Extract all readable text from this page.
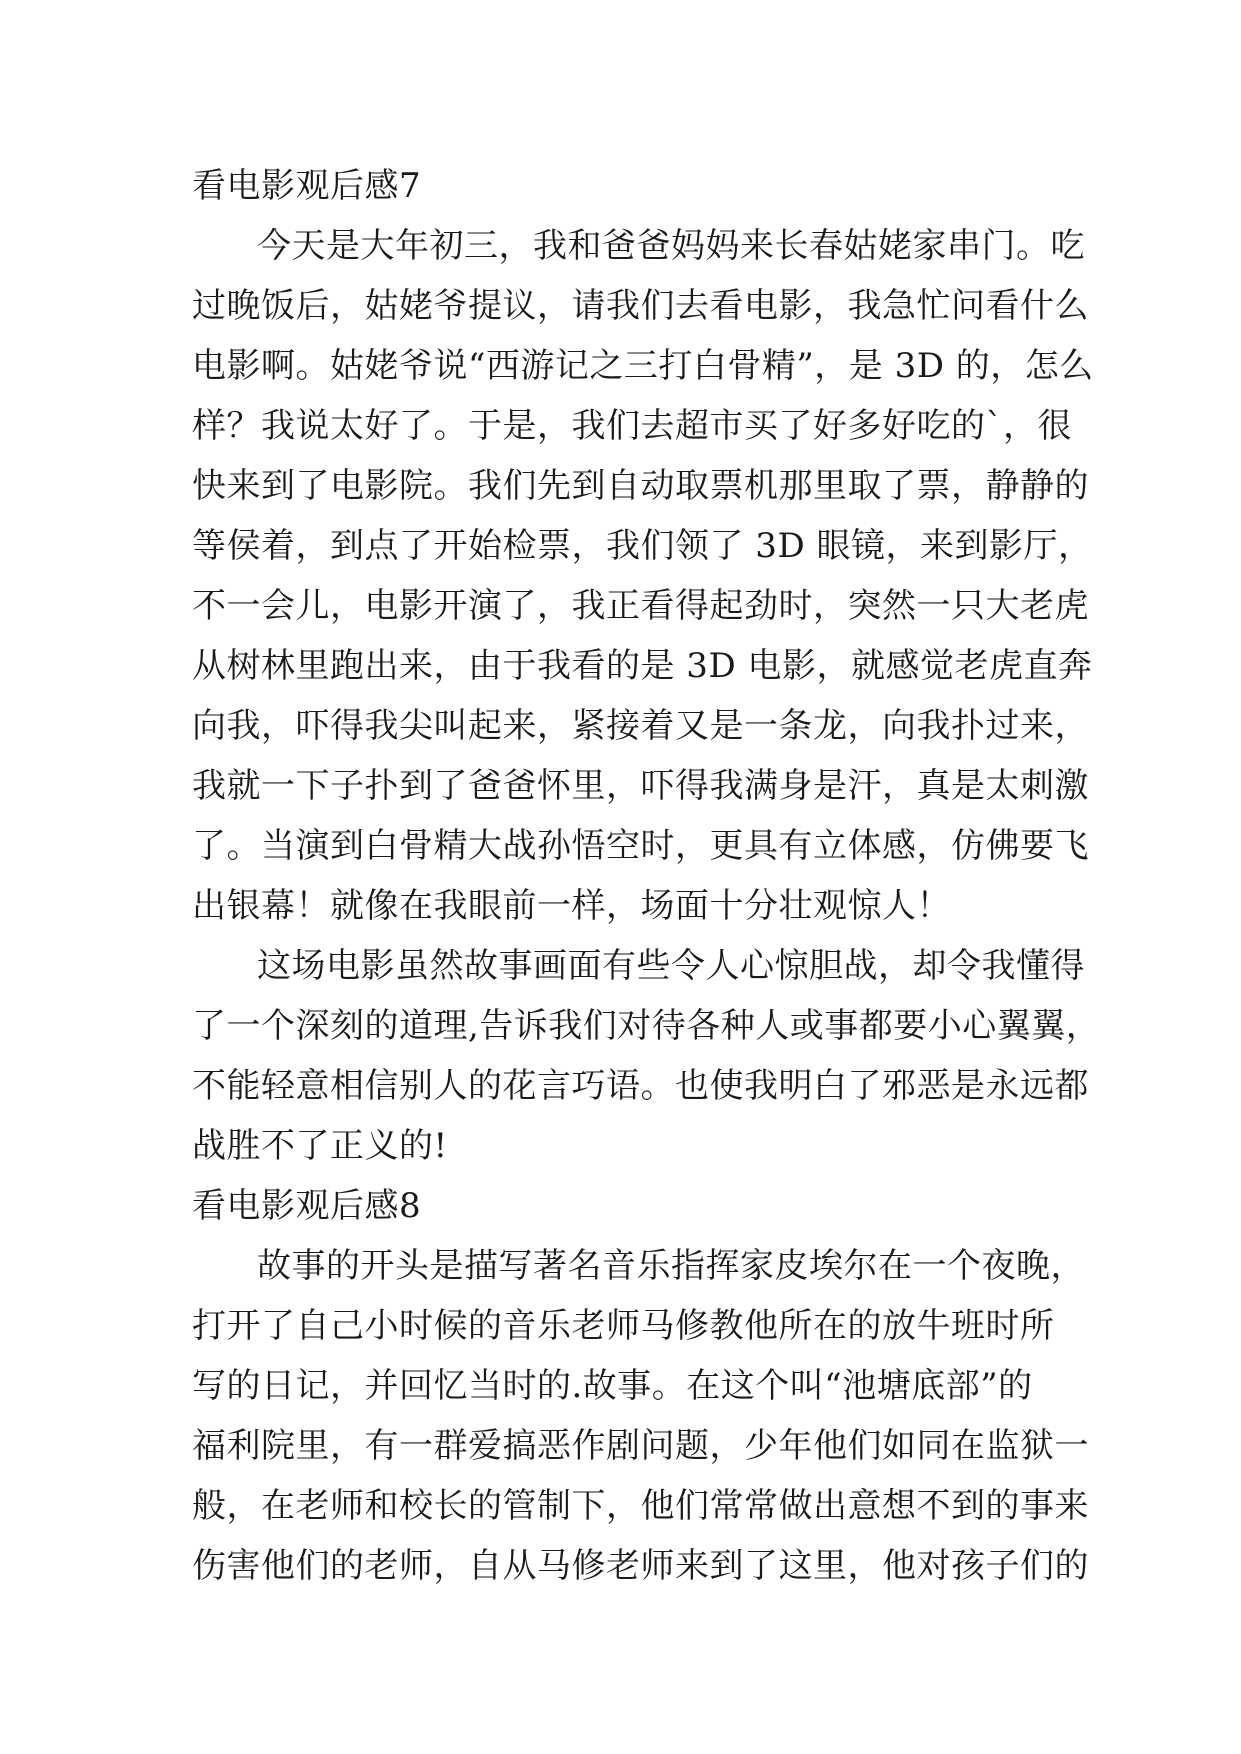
看电影观后感7
今天是大年初三，我和爸爸妈妈来长春姑姥家串门。吃
过晚饭后，姑姥爷提议，请我们去看电影，我急忙问看什么
电影啊。姑姥爷说“西游记之三打白骨精”，是 3D 的，怎么
样？我说太好了。于是，我们去超市买了好多好吃的`，很
快来到了电影院。我们先到自动取票机那里取了票，静静的
等侯着，到点了开始检票，我们领了 3D 眼镜，来到影厅，
不一会儿，电影开演了，我正看得起劲时，突然一只大老虎
从树林里跑出来，由于我看的是 3D 电影，就感觉老虎直奔
向我，吓得我尖叫起来，紧接着又是一条龙，向我扑过来，
我就一下子扑到了爸爸怀里，吓得我满身是汗，真是太刺激
了。当演到白骨精大战孙悟空时，更具有立体感，仿佛要飞
出银幕！就像在我眼前一样，场面十分壮观惊人！
这场电影虽然故事画面有些令人心惊胆战，却令我懂得
了一个深刻的道理,告诉我们对待各种人或事都要小心翼翼，
不能轻意相信别人的花言巧语。也使我明白了邪恶是永远都
战胜不了正义的!
看电影观后感8
故事的开头是描写著名音乐指挥家皮埃尔在一个夜晚，
打开了自己小时候的音乐老师马修教他所在的放牛班时所
写的日记，并回忆当时的.故事。在这个叫“池塘底部”的
福利院里，有一群爱搞恶作剧问题，少年他们如同在监狱一
般，在老师和校长的管制下，他们常常做出意想不到的事来
伤害他们的老师，自从马修老师来到了这里，他对孩子们的
